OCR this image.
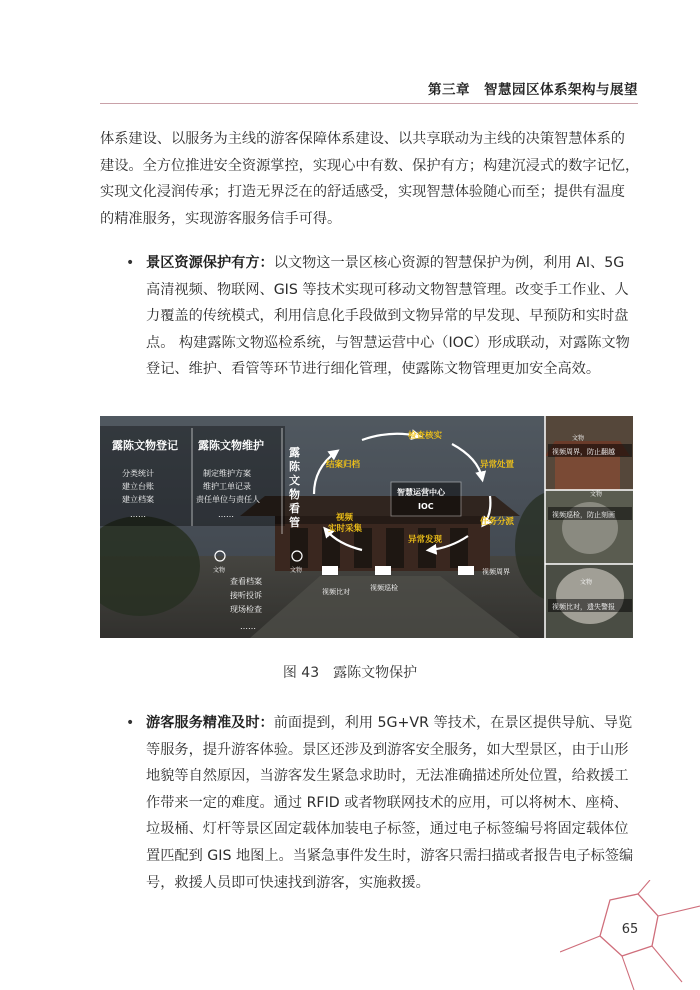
第三章　智慧园区体系架构与展望
体系建设、以服务为主线的游客保障体系建设、以共享联动为主线的决策智慧体系的
建设。全方位推进安全资源掌控，实现心中有数、保护有方；构建沉浸式的数字记忆，
实现文化浸润传承；打造无界泛在的舒适感受，实现智慧体验随心而至；提供有温度
的精准服务，实现游客服务信手可得。
• 景区资源保护有方：以文物这一景区核心资源的智慧保护为例，利用 AI、5G
高清视频、物联网、GIS 等技术实现可移动文物智慧管理。改变手工作业、人
力覆盖的传统模式，利用信息化手段做到文物异常的早发现、早预防和实时盘
点。 构建露陈文物巡检系统，与智慧运营中心（IOC）形成联动，对露陈文物
登记、维护、看管等环节进行细化管理，使露陈文物管理更加安全高效。
露陈文物登记
分类统计
建立台账
建立档案
……
露陈文物维护
制定维护方案
维护工单记录
责任单位与责任人
……
露
陈
文
物
看
管
检查核实
异常处置
任务分派
异常发现
结案归档
视频实时采集
智慧运营中心
IOC
文物	文物
视频比对	视频巡检
视频周界
查看档案
接听投诉
现场检查
……
文物
视频周界，防止翻越
文物
视频巡检，防止刻画
文物
视频比对，遗失警报
图 43　露陈文物保护
• 游客服务精准及时：前面提到，利用 5G+VR 等技术，在景区提供导航、导览
等服务，提升游客体验。景区还涉及到游客安全服务，如大型景区，由于山形
地貌等自然原因，当游客发生紧急求助时，无法准确描述所处位置，给救援工
作带来一定的难度。通过 RFID 或者物联网技术的应用，可以将树木、座椅、
垃圾桶、灯杆等景区固定载体加装电子标签，通过电子标签编号将固定载体位
置匹配到 GIS 地图上。当紧急事件发生时，游客只需扫描或者报告电子标签编
号，救援人员即可快速找到游客，实施救援。
65
